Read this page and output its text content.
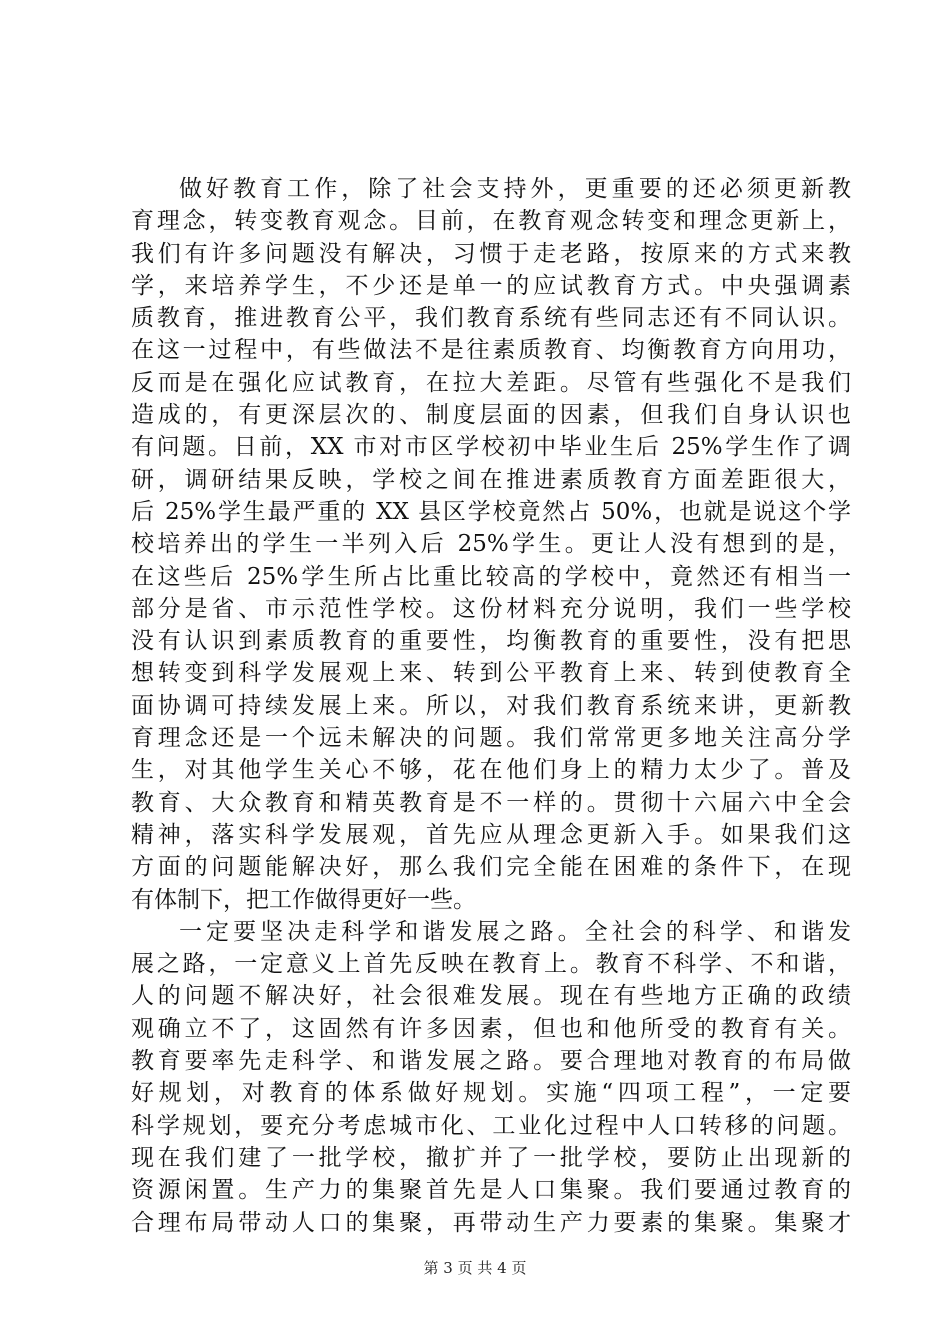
做好教育工作，除了社会支持外，更重要的还必须更新教
育理念，转变教育观念。目前，在教育观念转变和理念更新上，
我们有许多问题没有解决，习惯于走老路，按原来的方式来教
学，来培养学生，不少还是单一的应试教育方式。中央强调素
质教育，推进教育公平，我们教育系统有些同志还有不同认识。
在这一过程中，有些做法不是往素质教育、均衡教育方向用功，
反而是在强化应试教育，在拉大差距。尽管有些强化不是我们
造成的，有更深层次的、制度层面的因素，但我们自身认识也
有问题。日前，XX 市对市区学校初中毕业生后 25%学生作了调
研，调研结果反映，学校之间在推进素质教育方面差距很大，
后 25%学生最严重的 XX 县区学校竟然占 50%，也就是说这个学
校培养出的学生一半列入后 25%学生。更让人没有想到的是，
在这些后 25%学生所占比重比较高的学校中，竟然还有相当一
部分是省、市示范性学校。这份材料充分说明，我们一些学校
没有认识到素质教育的重要性，均衡教育的重要性，没有把思
想转变到科学发展观上来、转到公平教育上来、转到使教育全
面协调可持续发展上来。所以，对我们教育系统来讲，更新教
育理念还是一个远未解决的问题。我们常常更多地关注高分学
生，对其他学生关心不够，花在他们身上的精力太少了。普及
教育、大众教育和精英教育是不一样的。贯彻十六届六中全会
精神，落实科学发展观，首先应从理念更新入手。如果我们这
方面的问题能解决好，那么我们完全能在困难的条件下，在现
有体制下，把工作做得更好一些。
一定要坚决走科学和谐发展之路。全社会的科学、和谐发
展之路，一定意义上首先反映在教育上。教育不科学、不和谐，
人的问题不解决好，社会很难发展。现在有些地方正确的政绩
观确立不了，这固然有许多因素，但也和他所受的教育有关。
教育要率先走科学、和谐发展之路。要合理地对教育的布局做
好规划，对教育的体系做好规划。实施“四项工程”，一定要
科学规划，要充分考虑城市化、工业化过程中人口转移的问题。
现在我们建了一批学校，撤扩并了一批学校，要防止出现新的
资源闲置。生产力的集聚首先是人口集聚。我们要通过教育的
合理布局带动人口的集聚，再带动生产力要素的集聚。集聚才
第 3 页 共 4 页
